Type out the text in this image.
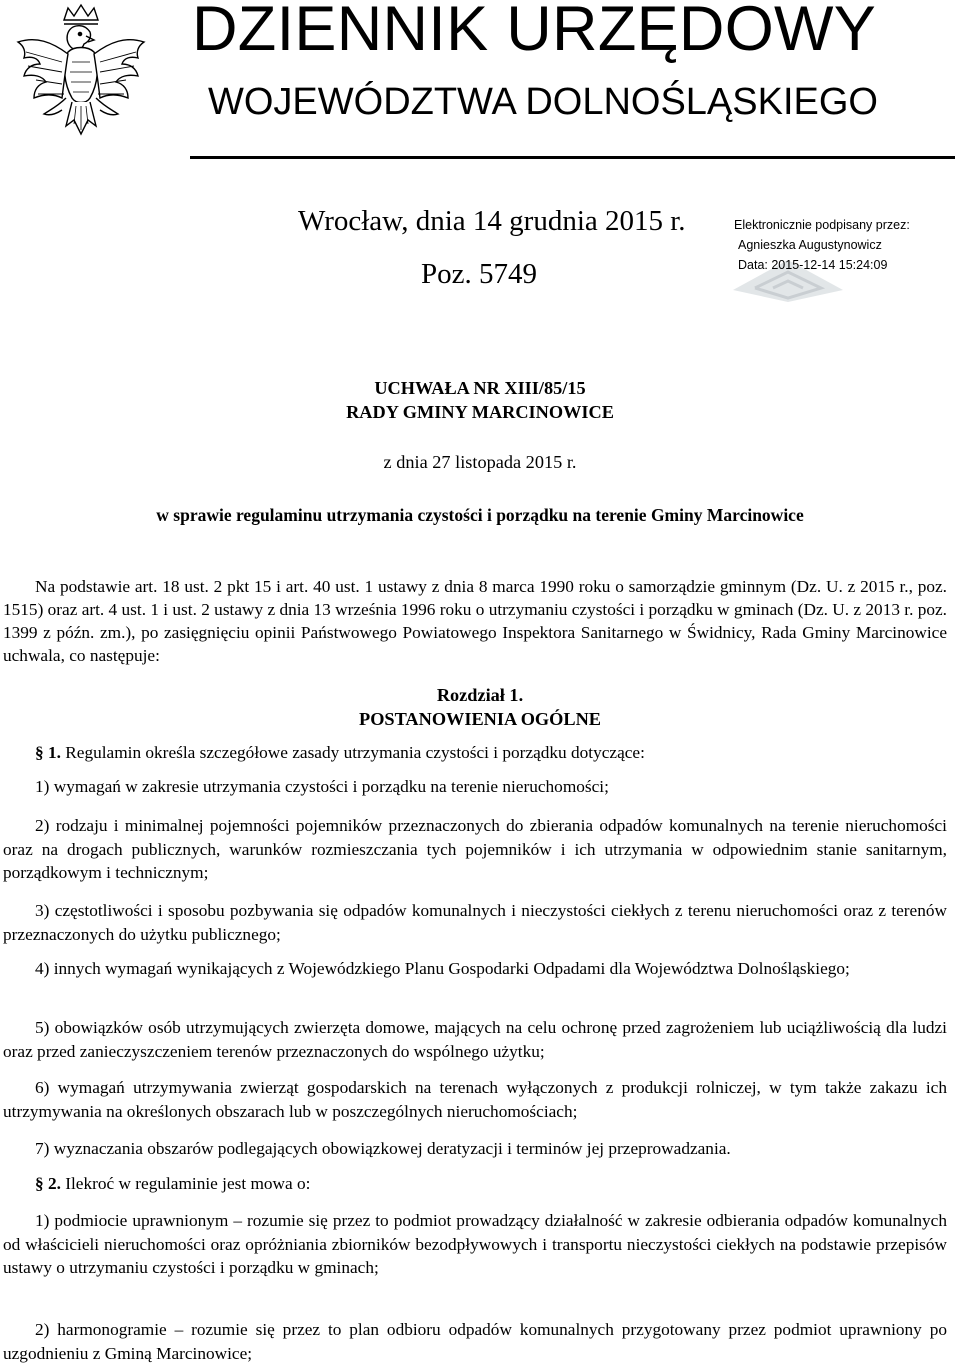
DZIENNIK URZĘDOWY
WOJEWÓDZTWA DOLNOŚLĄSKIEGO
Wrocław, dnia 14 grudnia 2015 r.
Poz. 5749
Elektronicznie podpisany przez:
Agnieszka Augustynowicz
Data: 2015-12-14 15:24:09
UCHWAŁA NR XIII/85/15
RADY GMINY MARCINOWICE
z dnia 27 listopada 2015 r.
w sprawie regulaminu utrzymania czystości i porządku na terenie Gminy Marcinowice
Na podstawie art. 18 ust. 2 pkt 15 i art. 40 ust. 1 ustawy z dnia 8 marca 1990 roku o samorządzie gminnym (Dz. U. z 2015 r., poz. 1515) oraz art. 4 ust. 1 i ust. 2 ustawy z dnia 13 września 1996 roku o utrzymaniu czystości i porządku w gminach (Dz. U. z 2013 r. poz. 1399 z późn. zm.), po zasięgnięciu opinii Państwowego Powiatowego Inspektora Sanitarnego w Świdnicy, Rada Gminy Marcinowice uchwala, co następuje:
Rozdział 1.
POSTANOWIENIA OGÓLNE

§ 1. Regulamin określa szczegółowe zasady utrzymania czystości i porządku dotyczące:

1) wymagań w zakresie utrzymania czystości i porządku na terenie nieruchomości;
2) rodzaju i minimalnej pojemności pojemników przeznaczonych do zbierania odpadów komunalnych na terenie nieruchomości oraz na drogach publicznych, warunków rozmieszczania tych pojemników i ich utrzymania w odpowiednim stanie sanitarnym, porządkowym i technicznym;
3) częstotliwości i sposobu pozbywania się odpadów komunalnych i nieczystości ciekłych z terenu nieruchomości oraz z terenów przeznaczonych do użytku publicznego;
4) innych wymagań wynikających z Wojewódzkiego Planu Gospodarki Odpadami dla Województwa Dolnośląskiego;
5) obowiązków osób utrzymujących zwierzęta domowe, mających na celu ochronę przed zagrożeniem lub uciążliwością dla ludzi oraz przed zanieczyszczeniem terenów przeznaczonych do wspólnego użytku;
6) wymagań utrzymywania zwierząt gospodarskich na terenach wyłączonych z produkcji rolniczej, w tym także zakazu ich utrzymywania na określonych obszarach lub w poszczególnych nieruchomościach;
7) wyznaczania obszarów podlegających obowiązkowej deratyzacji i terminów jej przeprowadzania.

§ 2. Ilekroć w regulaminie jest mowa o:

1) podmiocie uprawnionym – rozumie się przez to podmiot prowadzący działalność w zakresie odbierania odpadów komunalnych od właścicieli nieruchomości oraz opróżniania zbiorników bezodpływowych i transportu nieczystości ciekłych na podstawie przepisów ustawy o utrzymaniu czystości i porządku w gminach;
2) harmonogramie – rozumie się przez to plan odbioru odpadów komunalnych przygotowany przez podmiot uprawniony po uzgodnieniu z Gminą Marcinowice;
